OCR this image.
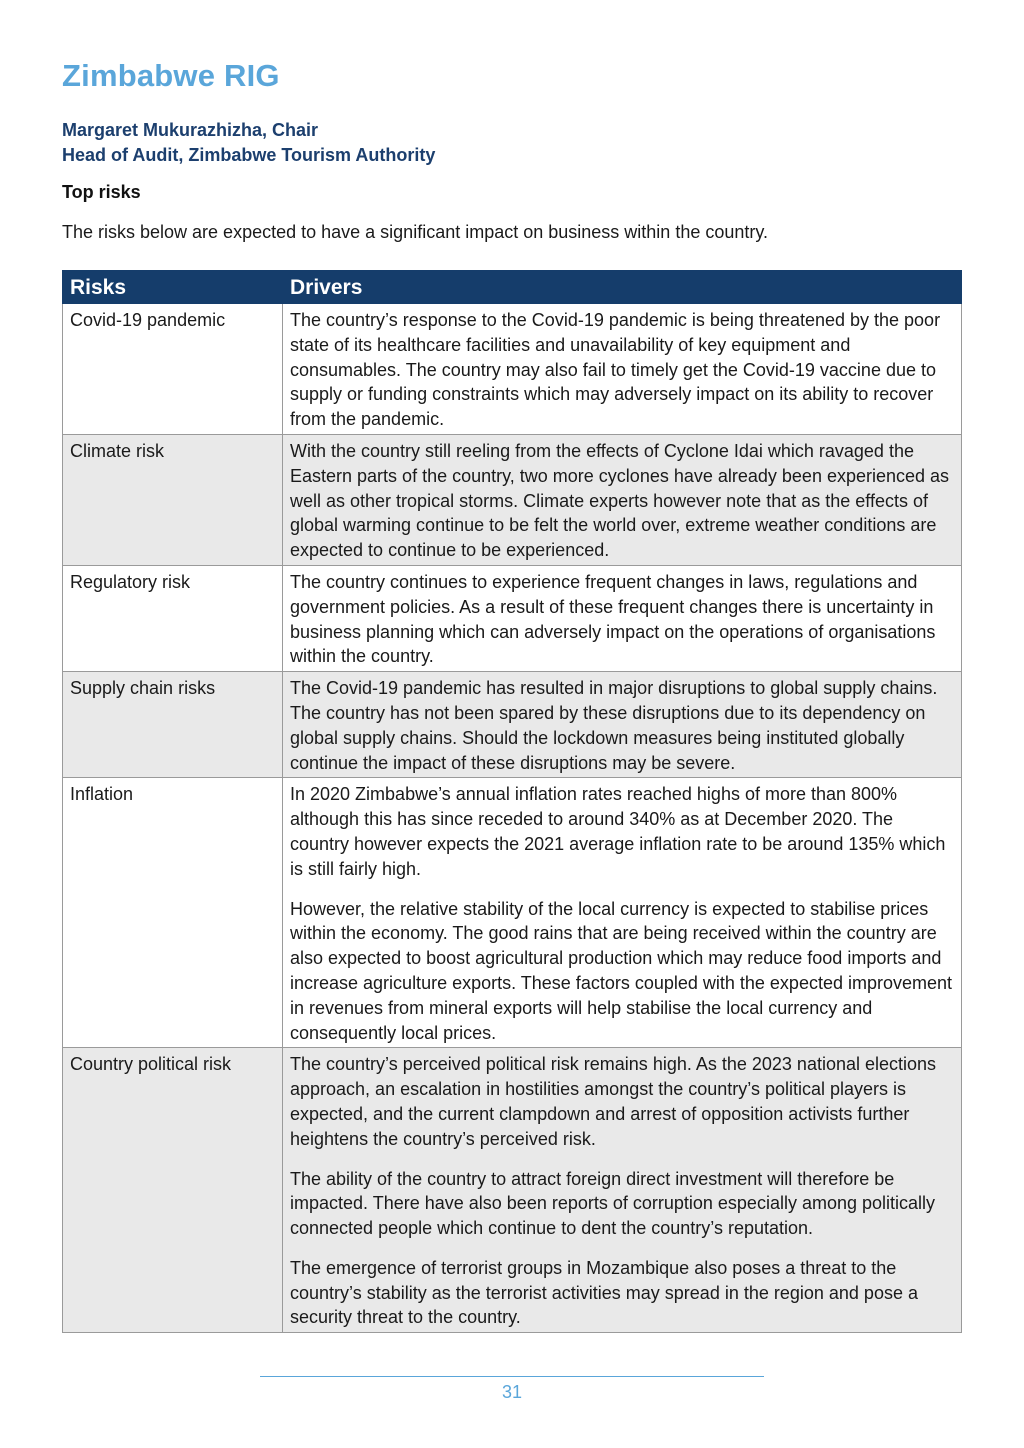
Zimbabwe RIG
Margaret Mukurazhizha, Chair
Head of Audit, Zimbabwe Tourism Authority
Top risks
The risks below are expected to have a significant impact on business within the country.
Risks	Drivers
Covid-19 pandemic	The country’s response to the Covid-19 pandemic is being threatened by the poor state of its healthcare facilities and unavailability of key equipment and consumables. The country may also fail to timely get the Covid-19 vaccine due to supply or funding constraints which may adversely impact on its ability to recover from the pandemic.

Climate risk	With the country still reeling from the effects of Cyclone Idai which ravaged the Eastern parts of the country, two more cyclones have already been experienced as well as other tropical storms. Climate experts however note that as the effects of global warming continue to be felt the world over, extreme weather conditions are expected to continue to be experienced.

Regulatory risk	The country continues to experience frequent changes in laws, regulations and government policies. As a result of these frequent changes there is uncertainty in business planning which can adversely impact on the operations of organisations within the country.

Supply chain risks	The Covid-19 pandemic has resulted in major disruptions to global supply chains. The country has not been spared by these disruptions due to its dependency on global supply chains. Should the lockdown measures being instituted globally continue the impact of these disruptions may be severe.

Inflation	In 2020 Zimbabwe’s annual inflation rates reached highs of more than 800% although this has since receded to around 340% as at December 2020. The country however expects the 2021 average inflation rate to be around 135% which is still fairly high.

However, the relative stability of the local currency is expected to stabilise prices within the economy. The good rains that are being received within the country are also expected to boost agricultural production which may reduce food imports and increase agriculture exports. These factors coupled with the expected improvement in revenues from mineral exports will help stabilise the local currency and consequently local prices.

Country political risk	The country’s perceived political risk remains high. As the 2023 national elections approach, an escalation in hostilities amongst the country’s political players is expected, and the current clampdown and arrest of opposition activists further heightens the country’s perceived risk.

The ability of the country to attract foreign direct investment will therefore be impacted. There have also been reports of corruption especially among politically connected people which continue to dent the country’s reputation.

The emergence of terrorist groups in Mozambique also poses a threat to the country’s stability as the terrorist activities may spread in the region and pose a security threat to the country.

31
